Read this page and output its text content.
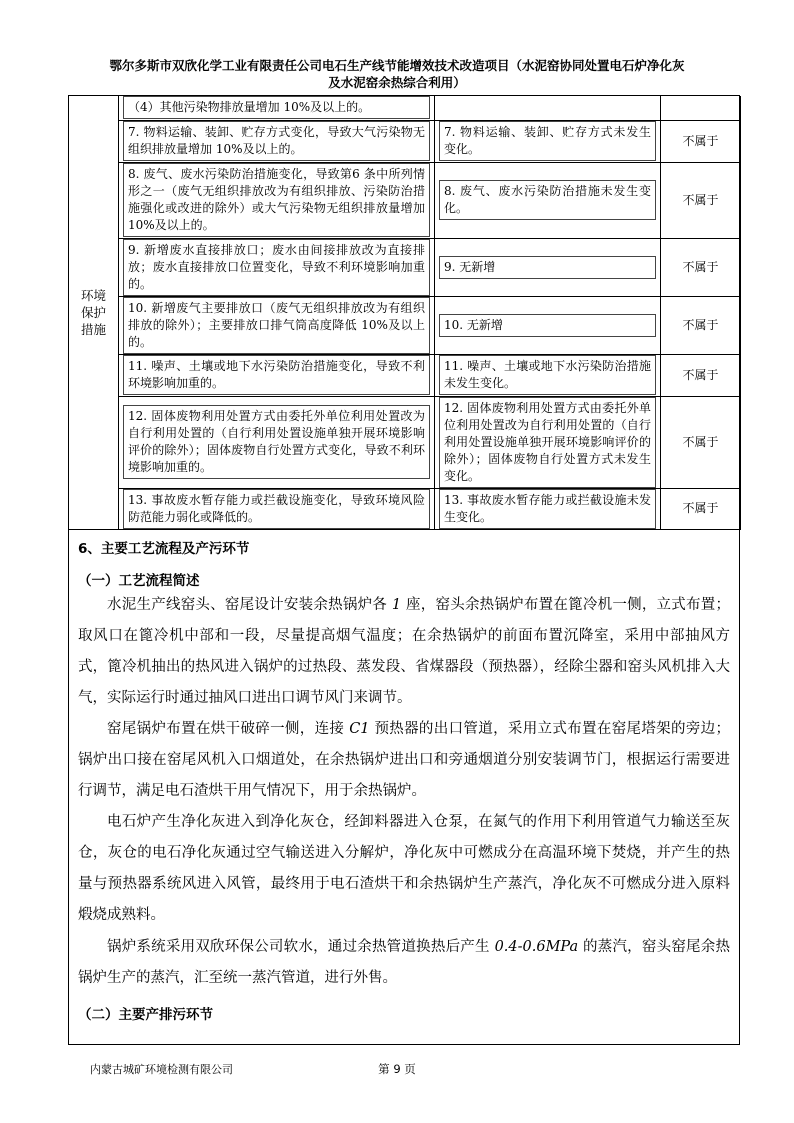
鄂尔多斯市双欣化学工业有限责任公司电石生产线节能增效技术改造项目（水泥窑协同处置电石炉净化灰
及水泥窑余热综合利用）
环境保护措施	（4）其他污染物排放量增加 10%及以上的。		

	7. 物料运输、装卸、贮存方式变化，导致大气污染物无组织排放量增加 10%及以上的。	7. 物料运输、装卸、贮存方式未发生变化。	不属于

	8. 废气、废水污染防治措施变化，导致第6 条中所列情形之一（废气无组织排放改为有组织排放、污染防治措施强化或改进的除外）或大气污染物无组织排放量增加 10%及以上的。	8. 废气、废水污染防治措施未发生变化。	不属于

	9. 新增废水直接排放口；废水由间接排放改为直接排放；废水直接排放口位置变化，导致不利环境影响加重的。	9. 无新增	不属于

	10. 新增废气主要排放口（废气无组织排放改为有组织排放的除外）；主要排放口排气筒高度降低 10%及以上的。	10. 无新增	不属于

	11. 噪声、土壤或地下水污染防治措施变化，导致不利环境影响加重的。	11. 噪声、土壤或地下水污染防治措施未发生变化。	不属于

	12. 固体废物利用处置方式由委托外单位利用处置改为自行利用处置的（自行利用处置设施单独开展环境影响评价的除外）；固体废物自行处置方式变化，导致不利环境影响加重的。	12. 固体废物利用处置方式由委托外单位利用处置改为自行利用处置的（自行利用处置设施单独开展环境影响评价的除外）；固体废物自行处置方式未发生变化。	不属于

	13. 事故废水暂存能力或拦截设施变化，导致环境风险防范能力弱化或降低的。	13. 事故废水暂存能力或拦截设施未发生变化。	不属于
6、主要工艺流程及产污环节
（一）工艺流程简述

水泥生产线窑头、窑尾设计安装余热锅炉各 1 座，窑头余热锅炉布置在篦冷机一侧，立式布置；取风口在篦冷机中部和一段，尽量提高烟气温度；在余热锅炉的前面布置沉降室，采用中部抽风方式，篦冷机抽出的热风进入锅炉的过热段、蒸发段、省煤器段（预热器），经除尘器和窑头风机排入大气，实际运行时通过抽风口进出口调节风门来调节。

窑尾锅炉布置在烘干破碎一侧，连接 C1 预热器的出口管道，采用立式布置在窑尾塔架的旁边；锅炉出口接在窑尾风机入口烟道处，在余热锅炉进出口和旁通烟道分别安装调节门，根据运行需要进行调节，满足电石渣烘干用气情况下，用于余热锅炉。

电石炉产生净化灰进入到净化灰仓，经卸料器进入仓泵，在氮气的作用下利用管道气力输送至灰仓，灰仓的电石净化灰通过空气输送进入分解炉，净化灰中可燃成分在高温环境下焚烧，并产生的热量与预热器系统风进入风管，最终用于电石渣烘干和余热锅炉生产蒸汽，净化灰不可燃成分进入原料煅烧成熟料。

锅炉系统采用双欣环保公司软水，通过余热管道换热后产生 0.4-0.6MPa 的蒸汽，窑头窑尾余热锅炉生产的蒸汽，汇至统一蒸汽管道，进行外售。

（二）主要产排污环节
内蒙古城矿环境检测有限公司	第 9 页
